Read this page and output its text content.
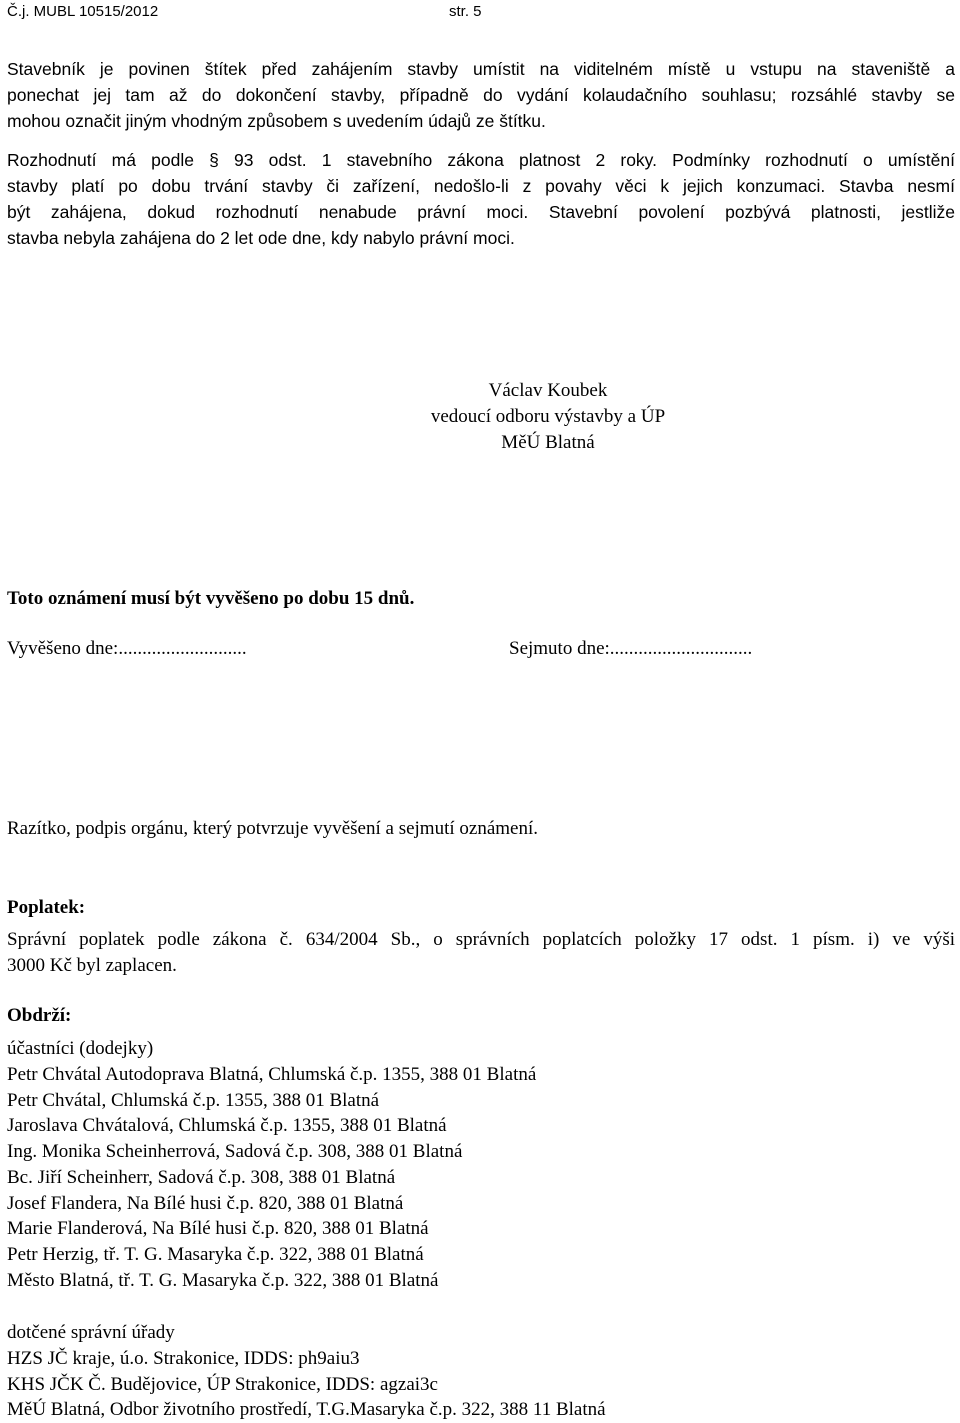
Č.j. MUBL 10515/2012	str. 5
Stavebník je povinen štítek před zahájením stavby umístit na viditelném místě u vstupu na staveniště a
ponechat jej tam až do dokončení stavby, případně do vydání kolaudačního souhlasu; rozsáhlé stavby se
mohou označit jiným vhodným způsobem s uvedením údajů ze štítku.
Rozhodnutí má podle § 93 odst. 1 stavebního zákona platnost 2 roky. Podmínky rozhodnutí o umístění
stavby platí po dobu trvání stavby či zařízení, nedošlo-li z povahy věci k jejich konzumaci. Stavba nesmí
být zahájena, dokud rozhodnutí nenabude právní moci. Stavební povolení pozbývá platnosti, jestliže
stavba nebyla zahájena do 2 let ode dne, kdy nabylo právní moci.
Václav Koubek
vedoucí odboru výstavby a ÚP
MěÚ Blatná
Toto oznámení musí být vyvěšeno po dobu 15 dnů.
Vyvěšeno dne:...........................	Sejmuto dne:..............................
Razítko, podpis orgánu, který potvrzuje vyvěšení a sejmutí oznámení.
Poplatek:
Správní poplatek podle zákona č. 634/2004 Sb., o správních poplatcích položky 17 odst. 1 písm. i) ve výši
3000 Kč byl zaplacen.
Obdrží:
účastníci (dodejky)
Petr Chvátal Autodoprava Blatná, Chlumská č.p. 1355, 388 01 Blatná
Petr Chvátal, Chlumská č.p. 1355, 388 01 Blatná
Jaroslava Chvátalová, Chlumská č.p. 1355, 388 01 Blatná
Ing. Monika Scheinherrová, Sadová č.p. 308, 388 01 Blatná
Bc. Jiří Scheinherr, Sadová č.p. 308, 388 01 Blatná
Josef Flandera, Na Bílé husi č.p. 820, 388 01 Blatná
Marie Flanderová, Na Bílé husi č.p. 820, 388 01 Blatná
Petr Herzig, tř. T. G. Masaryka č.p. 322, 388 01 Blatná
Město Blatná, tř. T. G. Masaryka č.p. 322, 388 01 Blatná
dotčené správní úřady
HZS JČ kraje, ú.o. Strakonice, IDDS: ph9aiu3
KHS JČK Č. Budějovice, ÚP Strakonice, IDDS: agzai3c
MěÚ Blatná, Odbor životního prostředí, T.G.Masaryka č.p. 322, 388 11 Blatná
